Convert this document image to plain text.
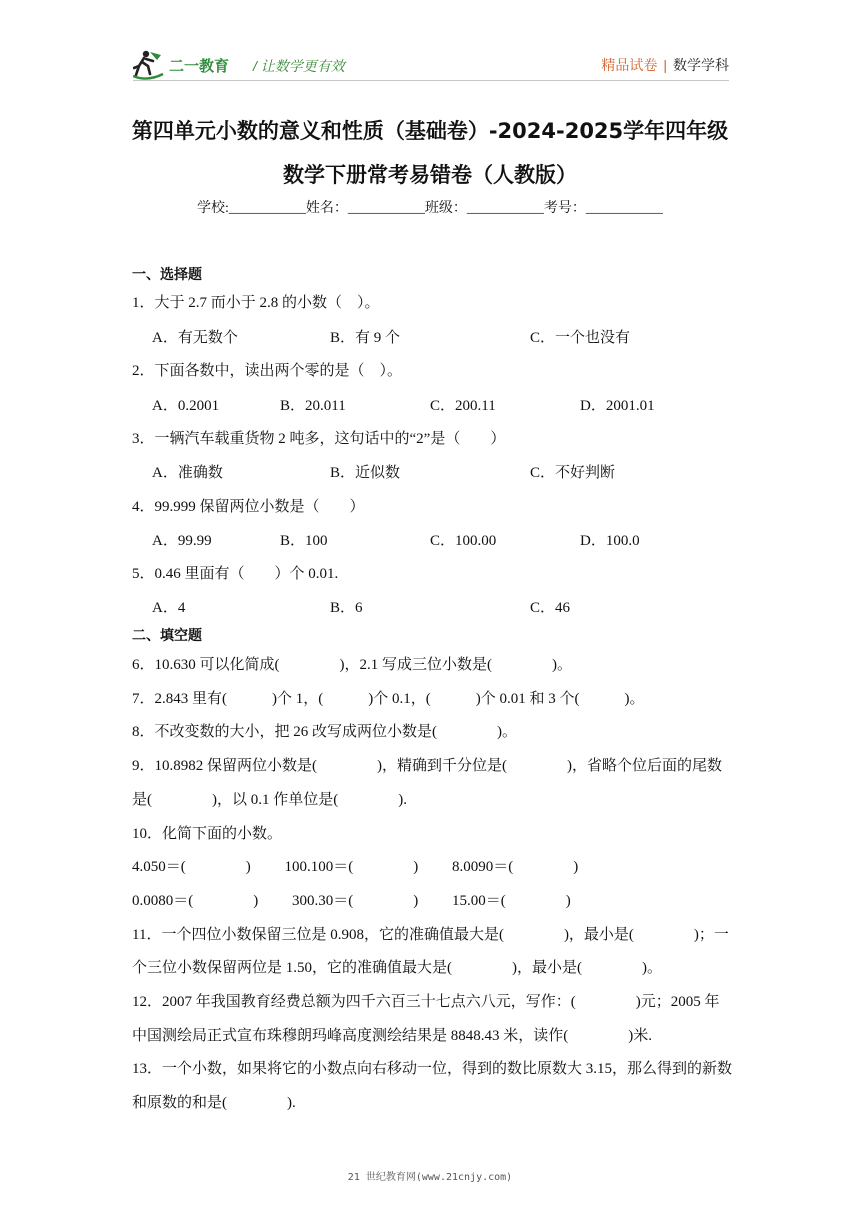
二一教育 / 让数学更有效	精品试卷 | 数学学科
第四单元小数的意义和性质（基础卷）-2024-2025学年四年级
数学下册常考易错卷（人教版）
学校:___________姓名：___________班级：___________考号：___________
一、选择题
1．大于 2.7 而小于 2.8 的小数（    ）。
A．有无数个	B．有 9 个	C．一个也没有
2．下面各数中，读出两个零的是（    ）。
A．0.2001	B．20.011	C．200.11	D．2001.01
3．一辆汽车载重货物 2 吨多，这句话中的“2”是（        ）
A．准确数	B．近似数	C．不好判断
4．99.999 保留两位小数是（        ）
A．99.99	B．100	C．100.00	D．100.0
5．0.46 里面有（        ）个 0.01.
A．4	B．6	C．46
二、填空题
6．10.630 可以化简成(                )，2.1 写成三位小数是(                )。
7．2.843 里有(            )个 1，(            )个 0.1，(            )个 0.01 和 3 个(            )。
8．不改变数的大小，把 26 改写成两位小数是(                )。
9．10.8982 保留两位小数是(                )，精确到千分位是(                )，省略个位后面的尾数
是(                )，以 0.1 作单位是(                ).
10．化简下面的小数。
4.050＝(                )         100.100＝(                )         8.0090＝(                )
0.0080＝(                )         300.30＝(                )         15.00＝(                )
11．一个四位小数保留三位是 0.908，它的准确值最大是(                )，最小是(                )；一
个三位小数保留两位是 1.50，它的准确值最大是(                )，最小是(                )。
12．2007 年我国教育经费总额为四千六百三十七点六八元，写作：(                )元；2005 年
中国测绘局正式宣布珠穆朗玛峰高度测绘结果是 8848.43 米，读作(                )米.
13．一个小数，如果将它的小数点向右移动一位，得到的数比原数大 3.15，那么得到的新数
和原数的和是(                ).
21 世纪教育网(www.21cnjy.com)
